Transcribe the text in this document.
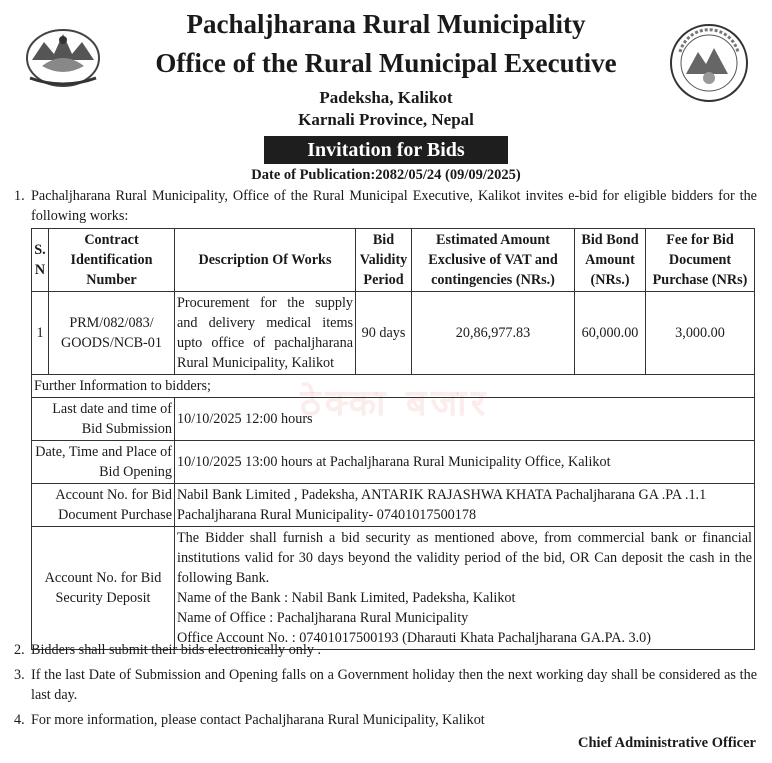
Pachaljharana Rural Municipality
Office of the Rural Municipal Executive
Padeksha, Kalikot
Karnali Province, Nepal
Invitation for Bids
Date of Publication:2082/05/24 (09/09/2025)
1. Pachaljharana Rural Municipality, Office of the Rural Municipal Executive, Kalikot invites e-bid for eligible bidders for the following works:
ठेक्का बजार
S. N	Contract Identification Number	Description Of Works	Bid Validity Period	Estimated Amount Exclusive of VAT and contingencies (NRs.)	Bid Bond Amount (NRs.)	Fee for Bid Document Purchase (NRs)
1	PRM/082/083/ GOODS/NCB-01	Procurement for the supply and delivery medical items upto office of pachaljharana Rural Municipality, Kalikot	90 days	20,86,977.83	60,000.00	3,000.00
Further Information to bidders;						
Last date and time of Bid Submission		10/10/2025 12:00 hours				
Date, Time and Place of Bid Opening		10/10/2025 13:00 hours at Pachaljharana Rural Municipality Office, Kalikot				
Account No. for Bid Document Purchase		Nabil Bank Limited , Padeksha, ANTARIK RAJASHWA KHATA Pachaljharana GA .PA .1.1 Pachaljharana Rural Municipality- 07401017500178				
Account No. for Bid Security Deposit		The Bidder shall furnish a bid security as mentioned above, from commercial bank or financial institutions valid for 30 days beyond the validity period of the bid, OR Can deposit the cash in the following Bank.
Name of the Bank : Nabil Bank Limited, Padeksha, Kalikot
Name of Office : Pachaljharana Rural Municipality
Office Account No. : 07401017500193 (Dharauti Khata Pachaljharana GA.PA. 3.0)				
2. Bidders shall submit their bids electronically only .
3. If the last Date of Submission and Opening falls on a Government holiday then the next working day shall be considered as the last day.
4. For more information, please contact Pachaljharana Rural Municipality, Kalikot
Chief Administrative Officer
